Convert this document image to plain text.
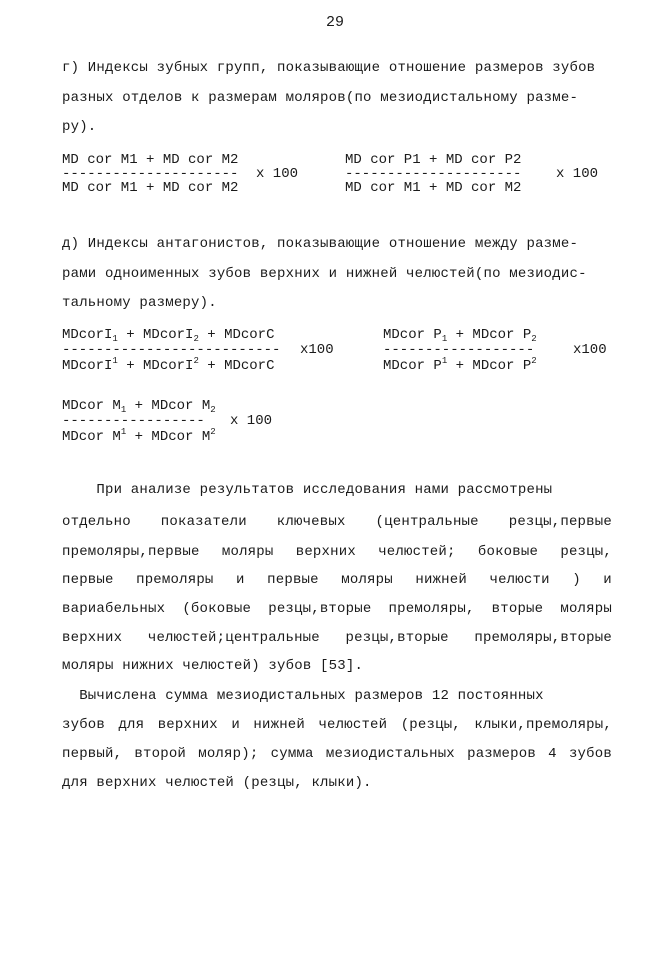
29
г) Индексы зубных групп, показывающие отношение размеров зубов
разных отделов к размерам моляров(по мезиодистальному разме-
ру).
MD cor M1 + MD cor M2
--------------------- x 100
MD cor M1 + MD cor M2
MD cor P1 + MD cor P2
--------------------- x 100
MD cor M1 + MD cor M2
д) Индексы антагонистов, показывающие отношение между разме-
рами одноименных зубов верхних и нижней челюстей(по мезиодис-
тальному размеру).
MDcorI$_1$ + MDcorI$_2$ + MDcorC
-------------------------- x100
MDcorI$^1$ + MDcorI$^2$ + MDcorC
MDcor $P_1$ + MDcor $P_2$
------------------	x100
MDcor $P^1$ + MDcor $P^2$
MDcor $M_1$ + MDcor $M_2$
----------------- x 100
MDcor $M^1$ + MDcor $M^2$
При анализе результатов исследования нами рассмотрены
отдельно показатели ключевых (центральные резцы,первые
премоляры,первые моляры верхних челюстей; боковые резцы,
первые премоляры и первые моляры нижней челюсти ) и
вариабельных (боковые резцы,вторые премоляры, вторые моляры
верхних челюстей;центральные резцы,вторые премоляры,вторые
моляры нижних челюстей) зубов [53].
Вычислена сумма мезиодистальных размеров 12 постоянных
зубов для верхних и нижней челюстей (резцы, клыки,премоляры,
первый, второй моляр); сумма мезиодистальных размеров 4 зубов
для верхних челюстей (резцы, клыки).
